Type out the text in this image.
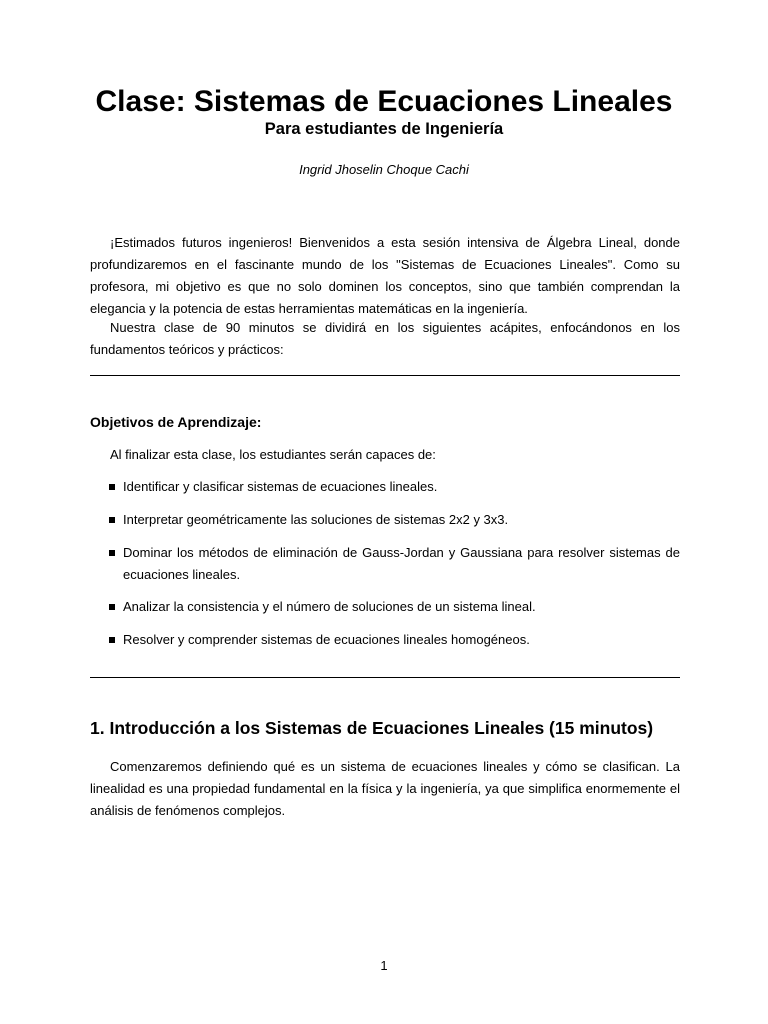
Clase: Sistemas de Ecuaciones Lineales
Para estudiantes de Ingeniería

Ingrid Jhoselin Choque Cachi

¡Estimados futuros ingenieros! Bienvenidos a esta sesión intensiva de Álgebra Lineal, donde profundizaremos en el fascinante mundo de los "Sistemas de Ecuaciones Lineales". Como su profesora, mi objetivo es que no solo dominen los conceptos, sino que también comprendan la elegancia y la potencia de estas herramientas matemáticas en la ingeniería.

Nuestra clase de 90 minutos se dividirá en los siguientes acápites, enfocándonos en los fundamentos teóricos y prácticos:

Objetivos de Aprendizaje:

Al finalizar esta clase, los estudiantes serán capaces de:

Identificar y clasificar sistemas de ecuaciones lineales.
Interpretar geométricamente las soluciones de sistemas 2x2 y 3x3.
Dominar los métodos de eliminación de Gauss-Jordan y Gaussiana para resolver sistemas de ecuaciones lineales.
Analizar la consistencia y el número de soluciones de un sistema lineal.
Resolver y comprender sistemas de ecuaciones lineales homogéneos.
1. Introducción a los Sistemas de Ecuaciones Lineales (15 minutos)

Comenzaremos definiendo qué es un sistema de ecuaciones lineales y cómo se clasifican. La linealidad es una propiedad fundamental en la física y la ingeniería, ya que simplifica enormemente el análisis de fenómenos complejos.

1
